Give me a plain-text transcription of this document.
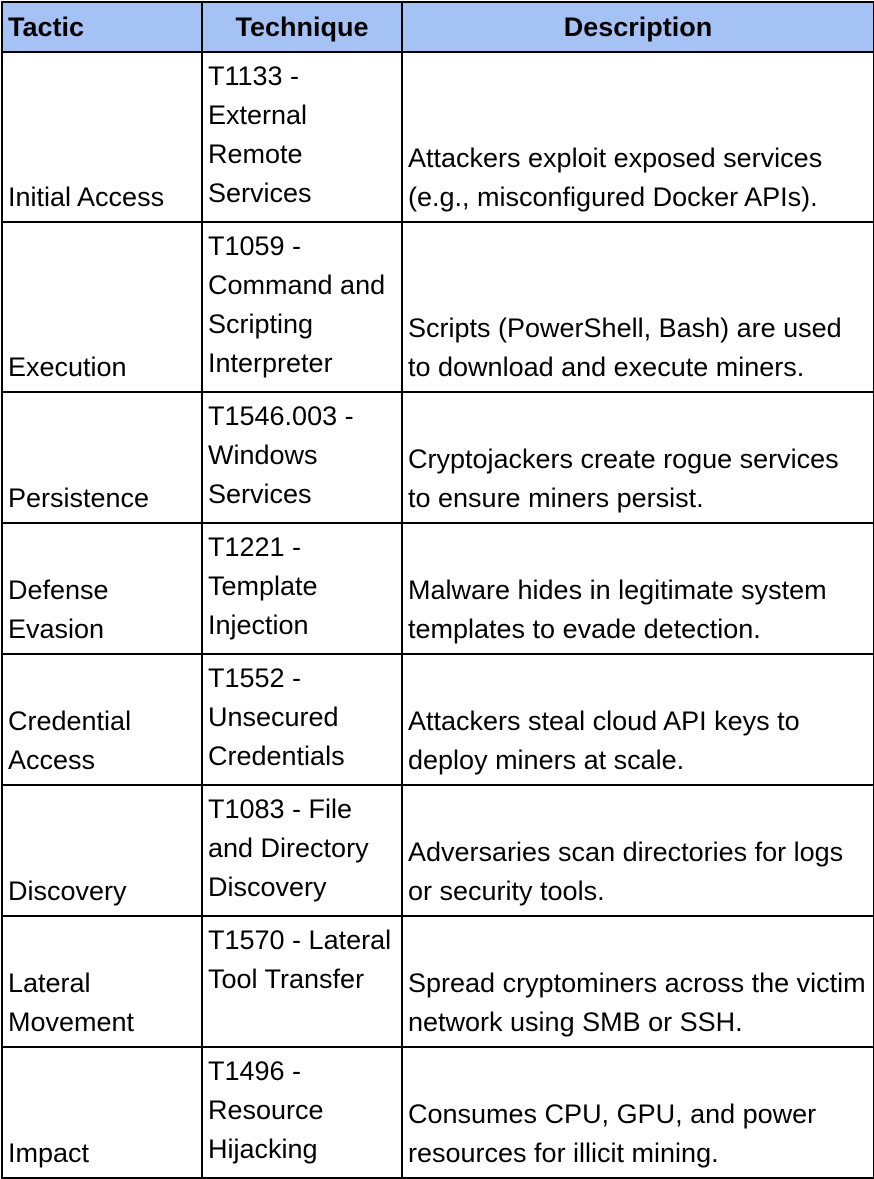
Tactic	Technique	Description
Initial Access	T1133 - External Remote Services	Attackers exploit exposed services (e.g., misconfigured Docker APIs).
Execution	T1059 - Command and Scripting Interpreter	Scripts (PowerShell, Bash) are used to download and execute miners.
Persistence	T1546.003 - Windows Services	Cryptojackers create rogue services to ensure miners persist.
Defense Evasion	T1221 - Template Injection	Malware hides in legitimate system templates to evade detection.
Credential Access	T1552 - Unsecured Credentials	Attackers steal cloud API keys to deploy miners at scale.
Discovery	T1083 - File and Directory Discovery	Adversaries scan directories for logs or security tools.
Lateral Movement	T1570 - Lateral Tool Transfer	Spread cryptominers across the victim network using SMB or SSH.
Impact	T1496 - Resource Hijacking	Consumes CPU, GPU, and power resources for illicit mining.
